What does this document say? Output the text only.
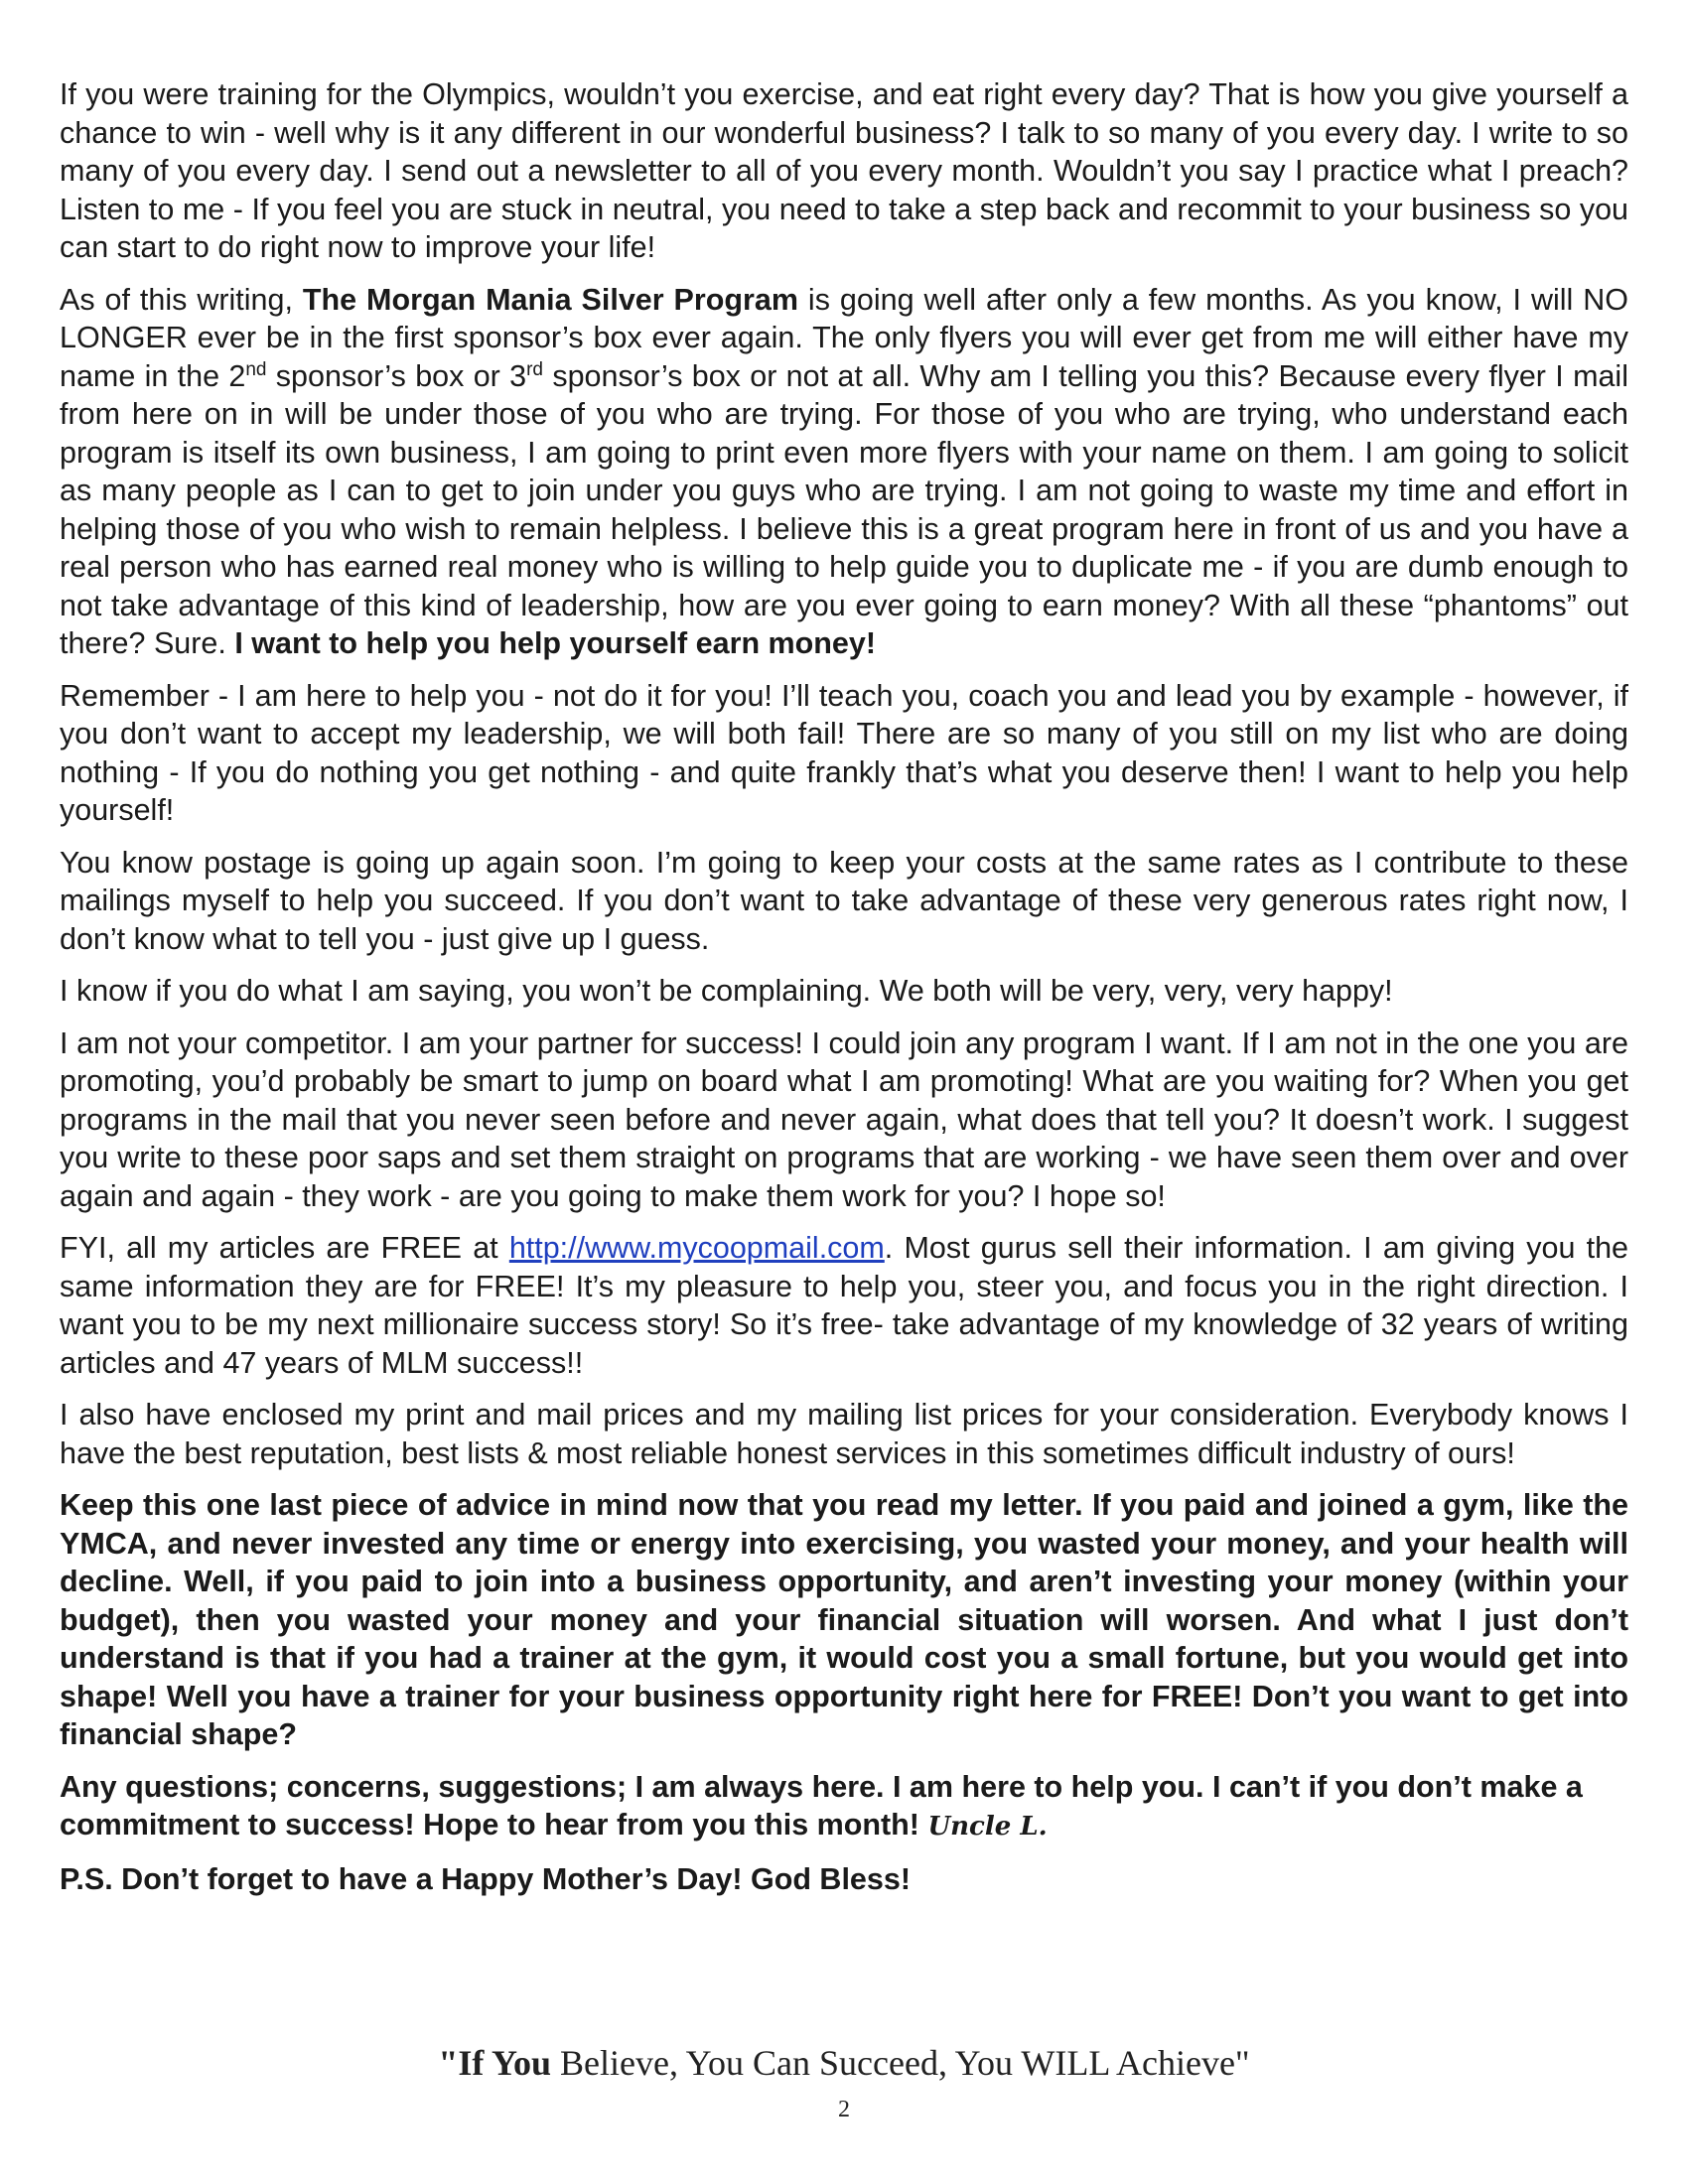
If you were training for the Olympics, wouldn’t you exercise, and eat right every day? That is how you give yourself a chance to win - well why is it any different in our wonderful business? I talk to so many of you every day. I write to so many of you every day. I send out a newsletter to all of you every month. Wouldn’t you say I practice what I preach? Listen to me - If you feel you are stuck in neutral, you need to take a step back and recommit to your business so you can start to do right now to improve your life!

As of this writing, The Morgan Mania Silver Program is going well after only a few months. As you know, I will NO LONGER ever be in the first sponsor’s box ever again. The only flyers you will ever get from me will either have my name in the 2nd sponsor’s box or 3rd sponsor’s box or not at all. Why am I telling you this? Because every flyer I mail from here on in will be under those of you who are trying. For those of you who are trying, who understand each program is itself its own business, I am going to print even more flyers with your name on them. I am going to solicit as many people as I can to get to join under you guys who are trying. I am not going to waste my time and effort in helping those of you who wish to remain helpless. I believe this is a great program here in front of us and you have a real person who has earned real money who is willing to help guide you to duplicate me - if you are dumb enough to not take advantage of this kind of leadership, how are you ever going to earn money? With all these “phantoms” out there? Sure. I want to help you help yourself earn money!

Remember - I am here to help you - not do it for you! I’ll teach you, coach you and lead you by example - however, if you don’t want to accept my leadership, we will both fail! There are so many of you still on my list who are doing nothing - If you do nothing you get nothing - and quite frankly that’s what you deserve then! I want to help you help yourself!

You know postage is going up again soon. I’m going to keep your costs at the same rates as I contribute to these mailings myself to help you succeed. If you don’t want to take advantage of these very generous rates right now, I don’t know what to tell you - just give up I guess.

I know if you do what I am saying, you won’t be complaining. We both will be very, very, very happy!

I am not your competitor. I am your partner for success! I could join any program I want. If I am not in the one you are promoting, you’d probably be smart to jump on board what I am promoting! What are you waiting for? When you get programs in the mail that you never seen before and never again, what does that tell you? It doesn’t work. I suggest you write to these poor saps and set them straight on programs that are working - we have seen them over and over again and again - they work - are you going to make them work for you? I hope so!

FYI, all my articles are FREE at http://www.mycoopmail.com. Most gurus sell their information. I am giving you the same information they are for FREE! It’s my pleasure to help you, steer you, and focus you in the right direction. I want you to be my next millionaire success story! So it’s free- take advantage of my knowledge of 32 years of writing articles and 47 years of MLM success!!

I also have enclosed my print and mail prices and my mailing list prices for your consideration. Everybody knows I have the best reputation, best lists & most reliable honest services in this sometimes difficult industry of ours!

Keep this one last piece of advice in mind now that you read my letter. If you paid and joined a gym, like the YMCA, and never invested any time or energy into exercising, you wasted your money, and your health will decline. Well, if you paid to join into a business opportunity, and aren’t investing your money (within your budget), then you wasted your money and your financial situation will worsen. And what I just don’t understand is that if you had a trainer at the gym, it would cost you a small fortune, but you would get into shape! Well you have a trainer for your business opportunity right here for FREE! Don’t you want to get into financial shape?

Any questions; concerns, suggestions; I am always here. I am here to help you. I can’t if you don’t make a commitment to success! Hope to hear from you this month! Uncle L.

P.S. Don’t forget to have a Happy Mother’s Day! God Bless!

"If You Believe, You Can Succeed, You WILL Achieve"
2
